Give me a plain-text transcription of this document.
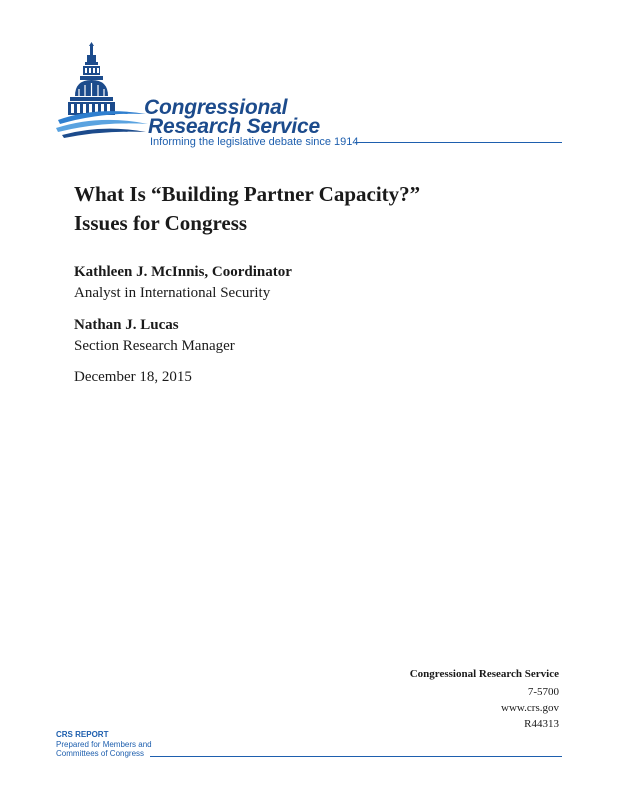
Congressional
Research Service
Informing the legislative debate since 1914
What Is “Building Partner Capacity?”
Issues for Congress
Kathleen J. McInnis, Coordinator
Analyst in International Security
Nathan J. Lucas
Section Research Manager
December 18, 2015
Congressional Research Service
7-5700
www.crs.gov
R44313
CRS REPORT
Prepared for Members and
Committees of Congress
